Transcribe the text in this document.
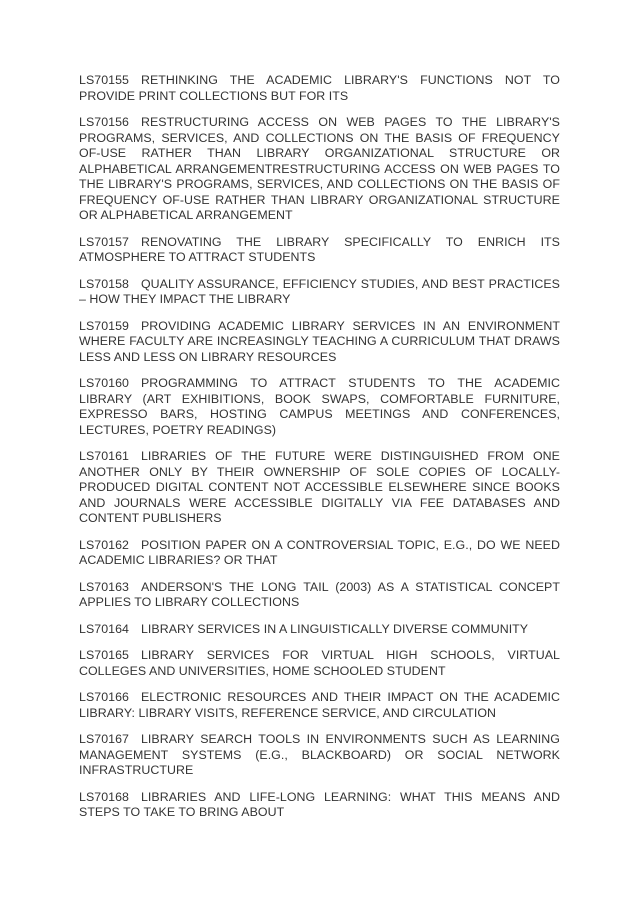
LS70155 RETHINKING THE ACADEMIC LIBRARY'S FUNCTIONS NOT TO PROVIDE PRINT COLLECTIONS BUT FOR ITS

LS70156 RESTRUCTURING ACCESS ON WEB PAGES TO THE LIBRARY'S PROGRAMS, SERVICES, AND COLLECTIONS ON THE BASIS OF FREQUENCY OF-USE RATHER THAN LIBRARY ORGANIZATIONAL STRUCTURE OR ALPHABETICAL ARRANGEMENTRESTRUCTURING ACCESS ON WEB PAGES TO THE LIBRARY'S PROGRAMS, SERVICES, AND COLLECTIONS ON THE BASIS OF FREQUENCY OF-USE RATHER THAN LIBRARY ORGANIZATIONAL STRUCTURE OR ALPHABETICAL ARRANGEMENT

LS70157 RENOVATING THE LIBRARY SPECIFICALLY TO ENRICH ITS ATMOSPHERE TO ATTRACT STUDENTS

LS70158 QUALITY ASSURANCE, EFFICIENCY STUDIES, AND BEST PRACTICES – HOW THEY IMPACT THE LIBRARY

LS70159 PROVIDING ACADEMIC LIBRARY SERVICES IN AN ENVIRONMENT WHERE FACULTY ARE INCREASINGLY TEACHING A CURRICULUM THAT DRAWS LESS AND LESS ON LIBRARY RESOURCES

LS70160 PROGRAMMING TO ATTRACT STUDENTS TO THE ACADEMIC LIBRARY (ART EXHIBITIONS, BOOK SWAPS, COMFORTABLE FURNITURE, EXPRESSO BARS, HOSTING CAMPUS MEETINGS AND CONFERENCES, LECTURES, POETRY READINGS)

LS70161 LIBRARIES OF THE FUTURE WERE DISTINGUISHED FROM ONE ANOTHER ONLY BY THEIR OWNERSHIP OF SOLE COPIES OF LOCALLY-PRODUCED DIGITAL CONTENT NOT ACCESSIBLE ELSEWHERE SINCE BOOKS AND JOURNALS WERE ACCESSIBLE DIGITALLY VIA FEE DATABASES AND CONTENT PUBLISHERS

LS70162 POSITION PAPER ON A CONTROVERSIAL TOPIC, E.G., DO WE NEED ACADEMIC LIBRARIES? OR THAT

LS70163 ANDERSON'S THE LONG TAIL (2003) AS A STATISTICAL CONCEPT APPLIES TO LIBRARY COLLECTIONS

LS70164 LIBRARY SERVICES IN A LINGUISTICALLY DIVERSE COMMUNITY

LS70165 LIBRARY SERVICES FOR VIRTUAL HIGH SCHOOLS, VIRTUAL COLLEGES AND UNIVERSITIES, HOME SCHOOLED STUDENT

LS70166 ELECTRONIC RESOURCES AND THEIR IMPACT ON THE ACADEMIC LIBRARY: LIBRARY VISITS, REFERENCE SERVICE, AND CIRCULATION

LS70167 LIBRARY SEARCH TOOLS IN ENVIRONMENTS SUCH AS LEARNING MANAGEMENT SYSTEMS (E.G., BLACKBOARD) OR SOCIAL NETWORK INFRASTRUCTURE

LS70168 LIBRARIES AND LIFE-LONG LEARNING: WHAT THIS MEANS AND STEPS TO TAKE TO BRING ABOUT
